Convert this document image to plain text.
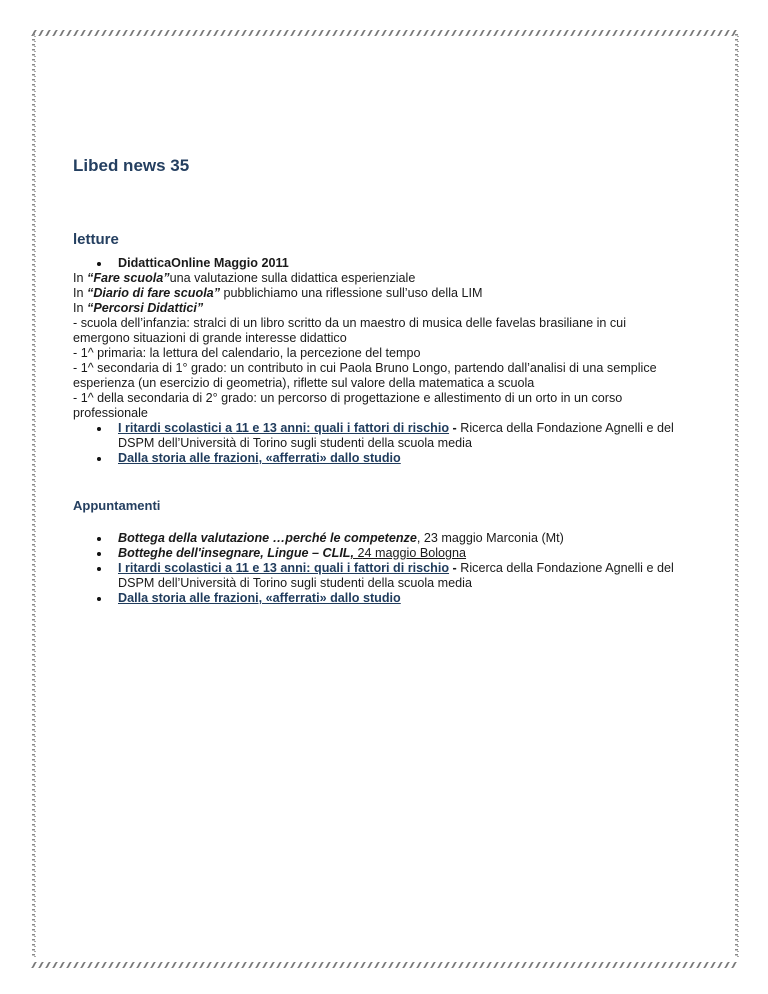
Libed news 35
letture
DidatticaOnline Maggio 2011
In “Fare scuola”una valutazione sulla didattica esperienziale
In “Diario di fare scuola” pubblichiamo una riflessione sull’uso della LIM
In “Percorsi Didattici”
- scuola dell’infanzia: stralci di un libro scritto da un maestro di musica delle favelas brasiliane in cui
emergono situazioni di grande interesse didattico
- 1^ primaria: la lettura del calendario, la percezione del tempo
- 1^ secondaria di 1° grado: un contributo in cui Paola Bruno Longo, partendo dall’analisi di una semplice
esperienza (un esercizio di geometria), riflette sul valore della matematica a scuola
- 1^ della secondaria di 2° grado: un percorso di progettazione e allestimento di un orto in un corso
professionale
I ritardi scolastici a 11 e 13 anni: quali i fattori di rischio - Ricerca della Fondazione Agnelli e del
DSPM dell’Università di Torino sugli studenti della scuola media
Dalla storia alle frazioni, «afferrati» dallo studio
Appuntamenti
Bottega della valutazione …perché le competenze, 23 maggio Marconia (Mt)
Botteghe dell'insegnare, Lingue – CLIL, 24 maggio Bologna
I ritardi scolastici a 11 e 13 anni: quali i fattori di rischio - Ricerca della Fondazione Agnelli e del
DSPM dell’Università di Torino sugli studenti della scuola media
Dalla storia alle frazioni, «afferrati» dallo studio
